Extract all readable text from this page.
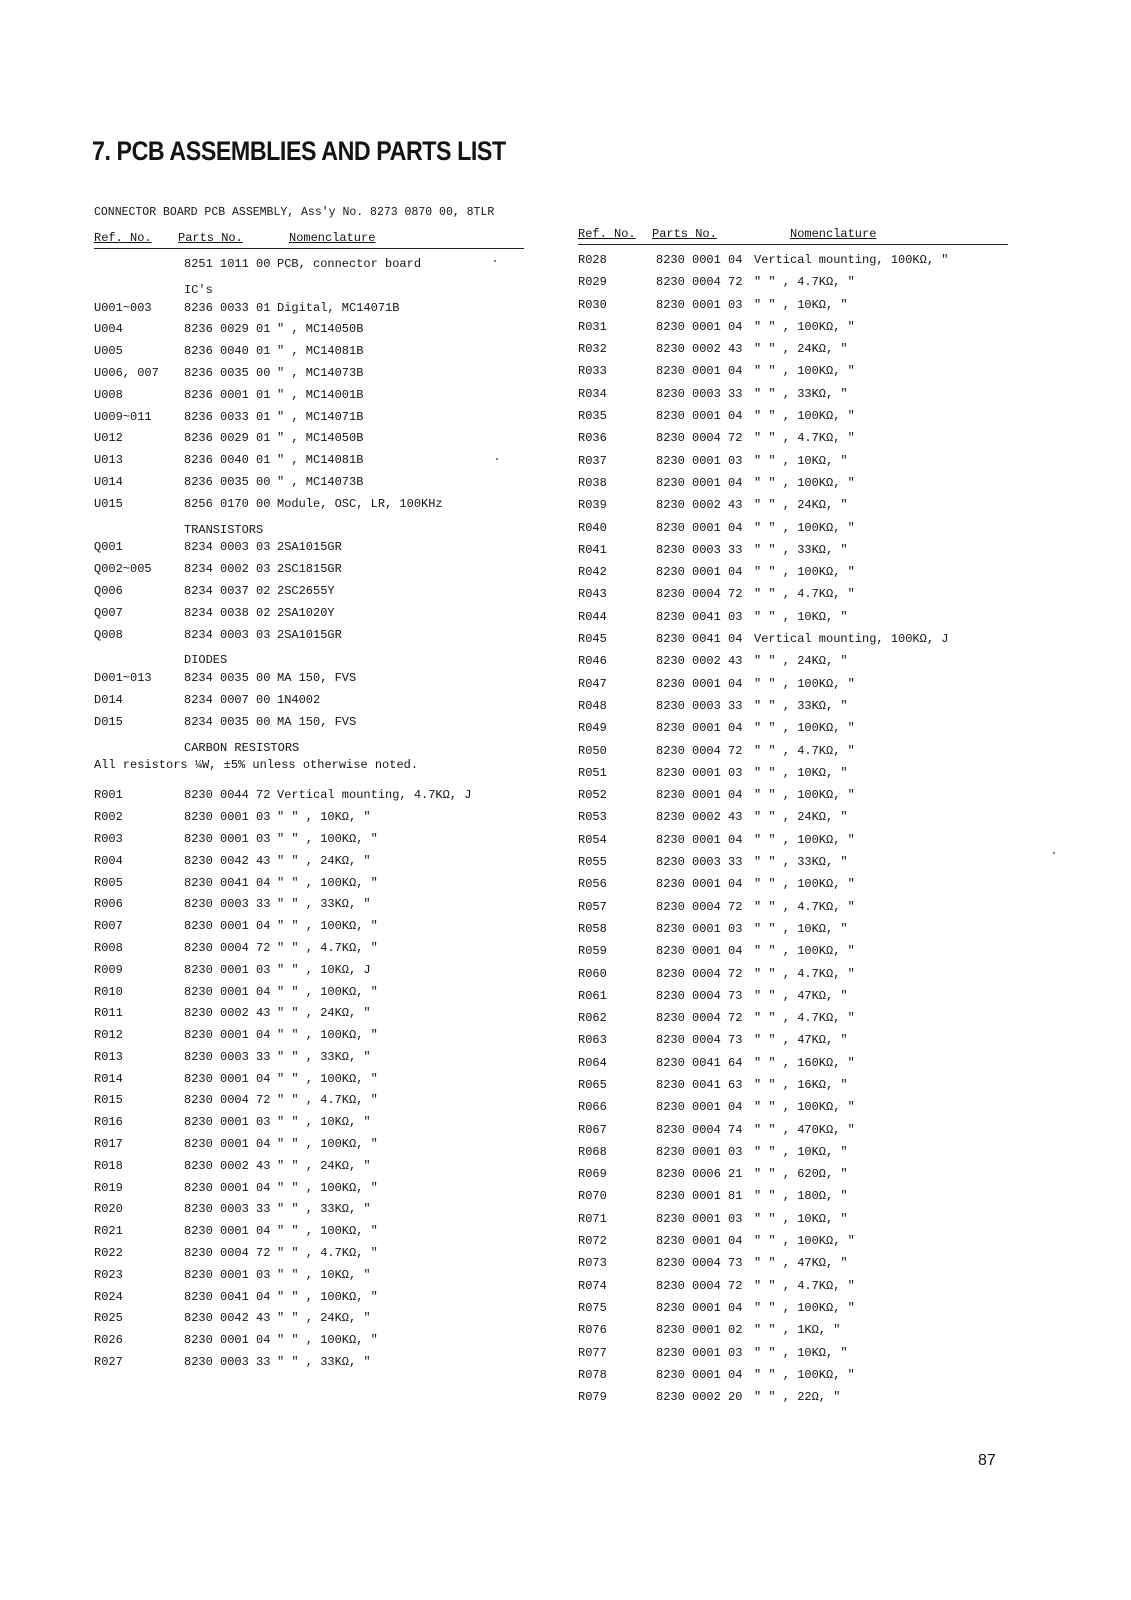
7. PCB ASSEMBLIES AND PARTS LIST
CONNECTOR BOARD PCB ASSEMBLY, Ass'y No. 8273 0870 00, 8TLR
Ref. No. Parts No.	Nomenclature
8251 1011 00 PCB, connector board
IC's
U001~003	8236 0033 01 Digital, MC14071B
U004	8236 0029 01 " , MC14050B
U005	8236 0040 01 " , MC14081B
U006, 007 8236 0035 00 " , MC14073B
U008	8236 0001 01 " , MC14001B
U009~011	8236 0033 01 " , MC14071B
U012	8236 0029 01 " , MC14050B
U013	8236 0040 01 " , MC14081B
U014	8236 0035 00 " , MC14073B
U015	8256 0170 00 Module, OSC, LR, 100KHz
TRANSISTORS
Q001	8234 0003 03 2SA1015GR
Q002~005	8234 0002 03 2SC1815GR
Q006	8234 0037 02 2SC2655Y
Q007	8234 0038 02 2SA1020Y
Q008	8234 0003 03 2SA1015GR
DIODES
D001~013	8234 0035 00 MA 150, FVS
D014	8234 0007 00 1N4002
D015	8234 0035 00 MA 150, FVS
CARBON RESISTORS
All resistors ¼W, ±5% unless otherwise noted.
R001	8230 0044 72 Vertical mounting, 4.7KΩ, J
R002	8230 0001 03 " " , 10KΩ, "
R003	8230 0001 03 " " , 100KΩ, "
R004	8230 0042 43 " " , 24KΩ, "
R005	8230 0041 04 " " , 100KΩ, "
R006	8230 0003 33 " " , 33KΩ, "
R007	8230 0001 04 " " , 100KΩ, "
R008	8230 0004 72 " " , 4.7KΩ, "
R009	8230 0001 03 " " , 10KΩ, J
R010	8230 0001 04 " " , 100KΩ, "
R011	8230 0002 43 " " , 24KΩ, "
R012	8230 0001 04 " " , 100KΩ, "
R013	8230 0003 33 " " , 33KΩ, "
R014	8230 0001 04 " " , 100KΩ, "
R015	8230 0004 72 " " , 4.7KΩ, "
R016	8230 0001 03 " " , 10KΩ, "
R017	8230 0001 04 " " , 100KΩ, "
R018	8230 0002 43 " " , 24KΩ, "
R019	8230 0001 04 " " , 100KΩ, "
R020	8230 0003 33 " " , 33KΩ, "
R021	8230 0001 04 " " , 100KΩ, "
R022	8230 0004 72 " " , 4.7KΩ, "
R023	8230 0001 03 " " , 10KΩ, "
R024	8230 0041 04 " " , 100KΩ, "
R025	8230 0042 43 " " , 24KΩ, "
R026	8230 0001 04 " " , 100KΩ, "
R027	8230 0003 33 " " , 33KΩ, "
Ref. No. Parts No.	Nomenclature
R028	8230 0001 04 Vertical mounting, 100KΩ, "
R029	8230 0004 72 " " , 4.7KΩ, "
R030	8230 0001 03 " " , 10KΩ, "
R031	8230 0001 04 " " , 100KΩ, "
R032	8230 0002 43 " " , 24KΩ, "
R033	8230 0001 04 " " , 100KΩ, "
R034	8230 0003 33 " " , 33KΩ, "
R035	8230 0001 04 " " , 100KΩ, "
R036	8230 0004 72 " " , 4.7KΩ, "
R037	8230 0001 03 " " , 10KΩ, "
R038	8230 0001 04 " " , 100KΩ, "
R039	8230 0002 43 " " , 24KΩ, "
R040	8230 0001 04 " " , 100KΩ, "
R041	8230 0003 33 " " , 33KΩ, "
R042	8230 0001 04 " " , 100KΩ, "
R043	8230 0004 72 " " , 4.7KΩ, "
R044	8230 0041 03 " " , 10KΩ, "
R045	8230 0041 04 Vertical mounting, 100KΩ, J
R046	8230 0002 43 " " , 24KΩ, "
R047	8230 0001 04 " " , 100KΩ, "
R048	8230 0003 33 " " , 33KΩ, "
R049	8230 0001 04 " " , 100KΩ, "
R050	8230 0004 72 " " , 4.7KΩ, "
R051	8230 0001 03 " " , 10KΩ, "
R052	8230 0001 04 " " , 100KΩ, "
R053	8230 0002 43 " " , 24KΩ, "
R054	8230 0001 04 " " , 100KΩ, "
R055	8230 0003 33 " " , 33KΩ, "
R056	8230 0001 04 " " , 100KΩ, "
R057	8230 0004 72 " " , 4.7KΩ, "
R058	8230 0001 03 " " , 10KΩ, "
R059	8230 0001 04 " " , 100KΩ, "
R060	8230 0004 72 " " , 4.7KΩ, "
R061	8230 0004 73 " " , 47KΩ, "
R062	8230 0004 72 " " , 4.7KΩ, "
R063	8230 0004 73 " " , 47KΩ, "
R064	8230 0041 64 " " , 160KΩ, "
R065	8230 0041 63 " " , 16KΩ, "
R066	8230 0001 04 " " , 100KΩ, "
R067	8230 0004 74 " " , 470KΩ, "
R068	8230 0001 03 " " , 10KΩ, "
R069	8230 0006 21 " " , 620Ω, "
R070	8230 0001 81 " " , 180Ω, "
R071	8230 0001 03 " " , 10KΩ, "
R072	8230 0001 04 " " , 100KΩ, "
R073	8230 0004 73 " " , 47KΩ, "
R074	8230 0004 72 " " , 4.7KΩ, "
R075	8230 0001 04 " " , 100KΩ, "
R076	8230 0001 02 " " , 1KΩ, "
R077	8230 0001 03 " " , 10KΩ, "
R078	8230 0001 04 " " , 100KΩ, "
R079	8230 0002 20 " " , 22Ω, "
87
